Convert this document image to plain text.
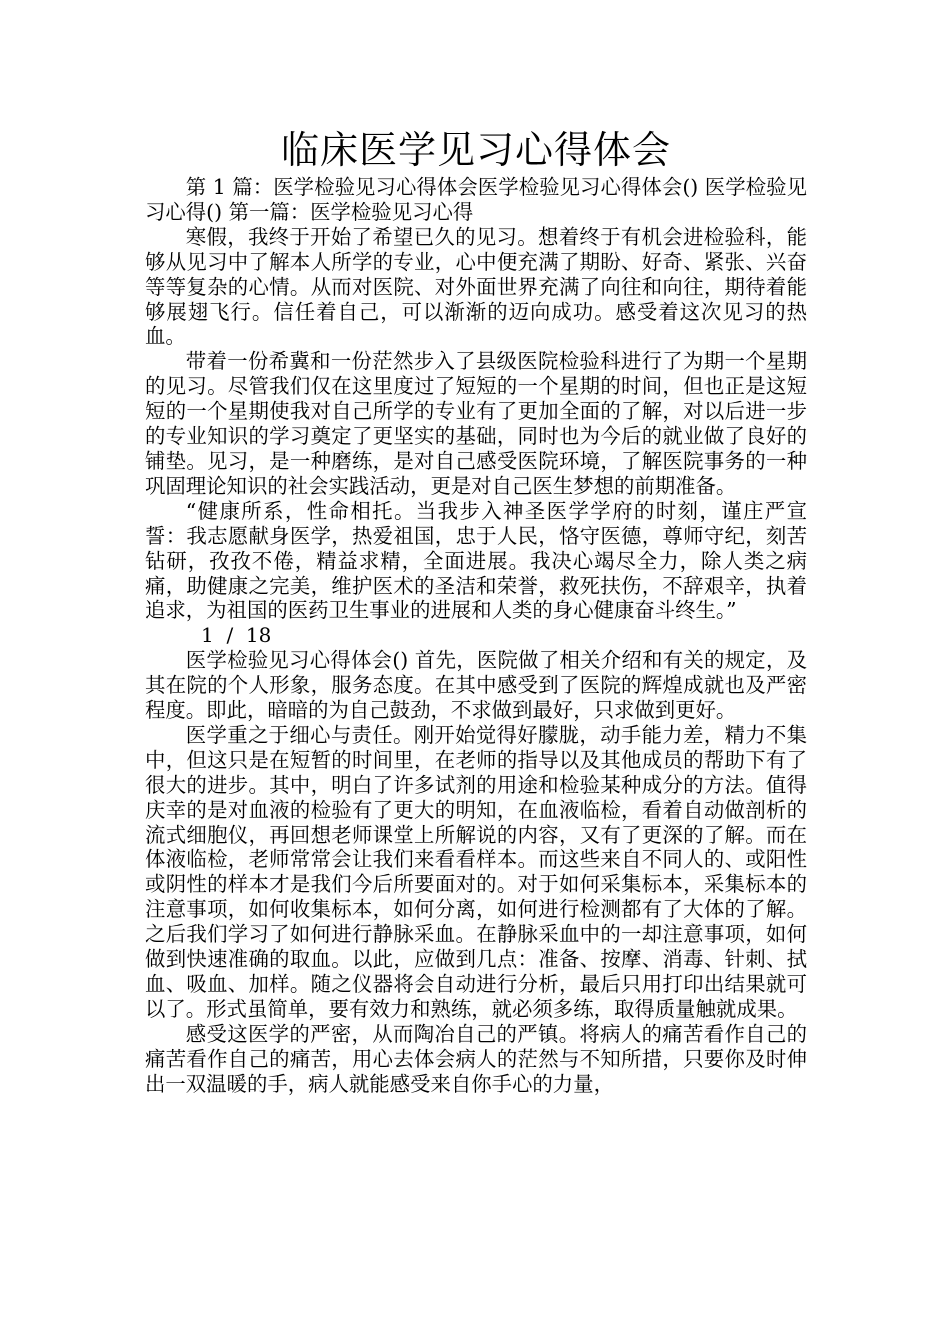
临床医学见习心得体会

第 1 篇：医学检验见习心得体会医学检验见习心得体会() 医学检验见习心得() 第一篇：医学检验见习心得

寒假，我终于开始了希望已久的见习。想着终于有机会进检验科，能够从见习中了解本人所学的专业，心中便充满了期盼、好奇、紧张、兴奋等等复杂的心情。从而对医院、对外面世界充满了向往和向往，期待着能够展翅飞行。信任着自己，可以渐渐的迈向成功。感受着这次见习的热血。

带着一份希冀和一份茫然步入了县级医院检验科进行了为期一个星期的见习。尽管我们仅在这里度过了短短的一个星期的时间，但也正是这短短的一个星期使我对自己所学的专业有了更加全面的了解，对以后进一步的专业知识的学习奠定了更坚实的基础，同时也为今后的就业做了良好的铺垫。见习，是一种磨练，是对自己感受医院环境，了解医院事务的一种巩固理论知识的社会实践活动，更是对自己医生梦想的前期准备。

“健康所系，性命相托。当我步入神圣医学学府的时刻，谨庄严宣誓：我志愿献身医学，热爱祖国，忠于人民，恪守医德，尊师守纪，刻苦钻研，孜孜不倦，精益求精，全面进展。我决心竭尽全力，除人类之病痛，助健康之完美，维护医术的圣洁和荣誉，救死扶伤，不辞艰辛，执着追求，为祖国的医药卫生事业的进展和人类的身心健康奋斗终生。”

1  /  18

医学检验见习心得体会() 首先，医院做了相关介绍和有关的规定，及其在院的个人形象，服务态度。在其中感受到了医院的辉煌成就也及严密程度。即此，暗暗的为自己鼓劲，不求做到最好，只求做到更好。

医学重之于细心与责任。刚开始觉得好朦胧，动手能力差，精力不集中，但这只是在短暂的时间里，在老师的指导以及其他成员的帮助下有了很大的进步。其中，明白了许多试剂的用途和检验某种成分的方法。值得庆幸的是对血液的检验有了更大的明知，在血液临检，看着自动做剖析的流式细胞仪，再回想老师课堂上所解说的内容，又有了更深的了解。而在体液临检，老师常常会让我们来看看样本。而这些来自不同人的、或阳性或阴性的样本才是我们今后所要面对的。对于如何采集标本，采集标本的注意事项，如何收集标本，如何分离，如何进行检测都有了大体的了解。之后我们学习了如何进行静脉采血。在静脉采血中的一却注意事项，如何做到快速准确的取血。以此，应做到几点：准备、按摩、消毒、针刺、拭血、吸血、加样。随之仪器将会自动进行分析，最后只用打印出结果就可以了。形式虽简单，要有效力和熟练，就必须多练，取得质量触就成果。

感受这医学的严密，从而陶冶自己的严镇。将病人的痛苦看作自己的痛苦看作自己的痛苦，用心去体会病人的茫然与不知所措，只要你及时伸出一双温暖的手，病人就能感受来自你手心的力量，
